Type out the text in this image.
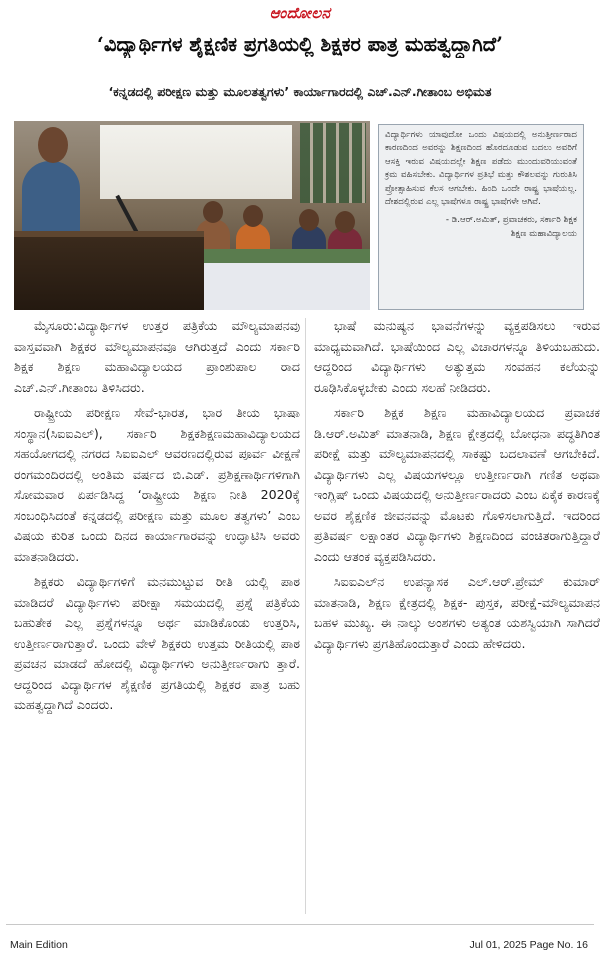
ಆಂದೋಲನ
‘ವಿದ್ಯಾರ್ಥಿಗಳ ಶೈಕ್ಷಣಿಕ ಪ್ರಗತಿಯಲ್ಲಿ ಶಿಕ್ಷಕರ ಪಾತ್ರ ಮಹತ್ವದ್ದಾಗಿದೆ’
‘ಕನ್ನಡದಲ್ಲಿ ಪರೀಕ್ಷಣ ಮತ್ತು ಮೂಲತತ್ವಗಳು’ ಕಾರ್ಯಾಗಾರದಲ್ಲಿ ಎಚ್.ಎನ್.ಗೀತಾಂಬ ಅಭಿಮತ

ವಿದ್ಯಾರ್ಥಿಗಳು ಯಾವುದೋ ಒಂದು ವಿಷಯದಲ್ಲಿ ಅನುತ್ತೀರ್ಣರಾದ ಕಾರಣದಿಂದ ಅವರನ್ನು ಶಿಕ್ಷಣದಿಂದ ಹೊರದೂಡುವ ಬದಲು ಅವರಿಗೆ ಆಸಕ್ತಿ ಇರುವ ವಿಷಯದಲ್ಲೇ ಶಿಕ್ಷಣ ಪಡೆದು ಮುಂದುವರಿಯುವಂತೆ ಕ್ರಮ ವಹಿಸಬೇಕು. ವಿದ್ಯಾರ್ಥಿಗಳ ಪ್ರತಿಭೆ ಮತ್ತು ಕೌಶಲವನ್ನು ಗುರುತಿಸಿ ಪ್ರೋತ್ಸಾಹಿಸುವ ಕೆಲಸ ಆಗಬೇಕು. ಹಿಂದಿ ಒಂದೇ ರಾಷ್ಟ್ರ ಭಾಷೆಯಲ್ಲ. ದೇಶದಲ್ಲಿರುವ ಎಲ್ಲ ಭಾಷೆಗಳೂ ರಾಷ್ಟ್ರ ಭಾಷೆಗಳೇ ಆಗಿವೆ.

- ಡಿ.ಆರ್.ಅಮಿತ್, ಪ್ರವಾಚಕರು, ಸರ್ಕಾರಿ ಶಿಕ್ಷಕ
ಶಿಕ್ಷಣ ಮಹಾವಿದ್ಯಾಲಯ

ಮೈಸೂರು:ವಿದ್ಯಾರ್ಥಿಗಳ ಉತ್ತರ ಪತ್ರಿಕೆಯ ಮೌಲ್ಯಮಾಪನವು ವಾಸ್ತವವಾಗಿ ಶಿಕ್ಷಕರ ಮೌಲ್ಯಮಾಪನವೂ ಆಗಿರುತ್ತದೆ ಎಂದು ಸರ್ಕಾರಿ ಶಿಕ್ಷಕ ಶಿಕ್ಷಣ ಮಹಾವಿದ್ಯಾಲಯದ ಪ್ರಾಂಶುಪಾಲ ರಾದ ಎಚ್.ಎನ್.ಗೀತಾಂಬ ತಿಳಿಸಿದರು.

ರಾಷ್ಟ್ರೀಯ ಪರೀಕ್ಷಣ ಸೇವೆ-ಭಾರತ, ಭಾರ ತೀಯ ಭಾಷಾ ಸಂಸ್ಥಾನ(ಸಿಐಐಎಲ್), ಸರ್ಕಾರಿ ಶಿಕ್ಷಕಶಿಕ್ಷಣಮಹಾವಿದ್ಯಾಲಯದ ಸಹಯೋಗದಲ್ಲಿ ನಗರದ ಸಿಐಐಎಲ್ ಆವರಣದಲ್ಲಿರುವ ಪೂರ್ವ ವೀಕ್ಷಣೆ ರಂಗಮಂದಿರದಲ್ಲಿ ಅಂತಿಮ ವರ್ಷದ ಬಿ.ಎಡ್. ಪ್ರಶಿಕ್ಷಣಾರ್ಥಿಗಳಿಗಾಗಿ ಸೋಮವಾರ ಏರ್ಪಡಿಸಿದ್ದ ‘ರಾಷ್ಟ್ರೀಯ ಶಿಕ್ಷಣ ನೀತಿ 2020ಕ್ಕೆ ಸಂಬಂಧಿಸಿದಂತೆ ಕನ್ನಡದಲ್ಲಿ ಪರೀಕ್ಷಣ ಮತ್ತು ಮೂಲ ತತ್ವಗಳು’ ಎಂಬ ವಿಷಯ ಕುರಿತ ಒಂದು ದಿನದ ಕಾರ್ಯಾಗಾರವನ್ನು ಉದ್ಘಾಟಿಸಿ ಅವರು ಮಾತನಾಡಿದರು.

ಶಿಕ್ಷಕರು ವಿದ್ಯಾರ್ಥಿಗಳಿಗೆ ಮನಮುಟ್ಟುವ ರೀತಿ ಯಲ್ಲಿ ಪಾಠ ಮಾಡಿದರೆ ವಿದ್ಯಾರ್ಥಿಗಳು ಪರೀಕ್ಷಾ ಸಮಯದಲ್ಲಿ ಪ್ರಶ್ನೆ ಪತ್ರಿಕೆಯ ಬಹುತೇಕ ಎಲ್ಲ ಪ್ರಶ್ನೆಗಳನ್ನೂ ಅರ್ಥ ಮಾಡಿಕೊಂಡು ಉತ್ತರಿಸಿ, ಉತ್ತೀರ್ಣರಾಗುತ್ತಾರೆ. ಒಂದು ವೇಳೆ ಶಿಕ್ಷಕರು ಉತ್ತಮ ರೀತಿಯಲ್ಲಿ ಪಾಠ ಪ್ರವಚನ ಮಾಡದೆ ಹೋದಲ್ಲಿ ವಿದ್ಯಾರ್ಥಿಗಳು ಅನುತ್ತೀರ್ಣರಾಗು ತ್ತಾರೆ. ಆದ್ದರಿಂದ ವಿದ್ಯಾರ್ಥಿಗಳ ಶೈಕ್ಷಣಿಕ ಪ್ರಗತಿಯಲ್ಲಿ ಶಿಕ್ಷಕರ ಪಾತ್ರ ಬಹು ಮಹತ್ವದ್ದಾಗಿದೆ ಎಂದರು.

ಭಾಷೆ ಮನುಷ್ಯನ ಭಾವನೆಗಳನ್ನು ವ್ಯಕ್ತಪಡಿಸಲು ಇರುವ ಮಾಧ್ಯಮವಾಗಿದೆ. ಭಾಷೆಯಿಂದ ಎಲ್ಲ ವಿಚಾರಗಳನ್ನೂ ತಿಳಿಯಬಹುದು. ಆದ್ದರಿಂದ ವಿದ್ಯಾರ್ಥಿಗಳು ಅತ್ಯುತ್ತಮ ಸಂವಹನ ಕಲೆಯನ್ನು ರೂಢಿಸಿಕೊಳ್ಳಬೇಕು ಎಂದು ಸಲಹೆ ನೀಡಿದರು.

ಸರ್ಕಾರಿ ಶಿಕ್ಷಕ ಶಿಕ್ಷಣ ಮಹಾವಿದ್ಯಾಲಯದ ಪ್ರವಾಚಕ ಡಿ.ಆರ್.ಅಮಿತ್ ಮಾತನಾಡಿ, ಶಿಕ್ಷಣ ಕ್ಷೇತ್ರದಲ್ಲಿ ಬೋಧನಾ ಪದ್ಧತಿಗಿಂತ ಪರೀಕ್ಷೆ ಮತ್ತು ಮೌಲ್ಯಮಾಪನದಲ್ಲಿ ಸಾಕಷ್ಟು ಬದಲಾವಣೆ ಆಗಬೇಕಿದೆ. ವಿದ್ಯಾರ್ಥಿಗಳು ಎಲ್ಲ ವಿಷಯಗಳಲ್ಲೂ ಉತ್ತೀರ್ಣರಾಗಿ ಗಣಿತ ಅಥವಾ ಇಂಗ್ಲಿಷ್ ಒಂದು ವಿಷಯದಲ್ಲಿ ಅನುತ್ತೀರ್ಣರಾದರು ಎಂಬ ಏಕೈಕ ಕಾರಣಕ್ಕೆ ಅವರ ಶೈಕ್ಷಣಿಕ ಜೀವನವನ್ನು ಮೊಟಕು ಗೊಳಿಸಲಾಗುತ್ತಿದೆ. ಇದರಿಂದ ಪ್ರತಿವರ್ಷ ಲಕ್ಷಾಂತರ ವಿದ್ಯಾರ್ಥಿಗಳು ಶಿಕ್ಷಣದಿಂದ ವಂಚಿತರಾಗುತ್ತಿದ್ದಾರೆ ಎಂದು ಆತಂಕ ವ್ಯಕ್ತಪಡಿಸಿದರು.

ಸಿಐಐಎಲ್‌ನ ಉಪನ್ಯಾಸಕ ಎಲ್.ಆರ್.ಪ್ರೇಮ್ ಕುಮಾರ್ ಮಾತನಾಡಿ, ಶಿಕ್ಷಣ ಕ್ಷೇತ್ರದಲ್ಲಿ ಶಿಕ್ಷಕ- ಪುಸ್ತಕ, ಪರೀಕ್ಷೆ-ಮೌಲ್ಯಮಾಪನ ಬಹಳ ಮುಖ್ಯ. ಈ ನಾಲ್ಕು ಅಂಶಗಳು ಅತ್ಯಂತ ಯಶಸ್ವಿಯಾಗಿ ಸಾಗಿದರೆ ವಿದ್ಯಾರ್ಥಿಗಳು ಪ್ರಗತಿಹೊಂದುತ್ತಾರೆ ಎಂದು ಹೇಳಿದರು.

Main Edition	Jul 01, 2025 Page No. 16
